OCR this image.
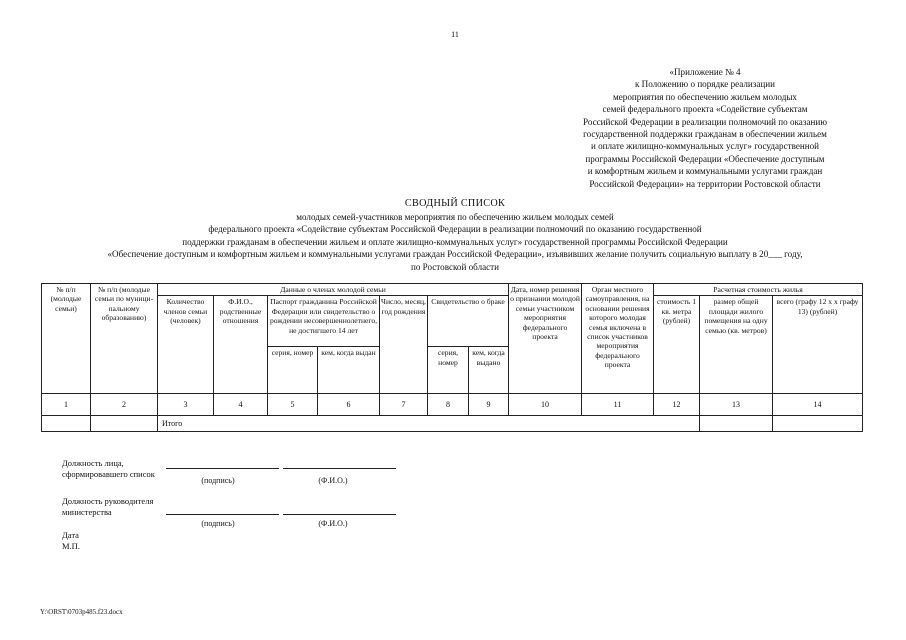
11
«Приложение № 4
к Положению о порядке реализации
мероприятия по обеспечению жильем молодых
семей федерального проекта «Содействие субъектам
Российской Федерации в реализации полномочий по оказанию
государственной поддержки гражданам в обеспечении жильем
и оплате жилищно-коммунальных услуг» государственной
программы Российской Федерации «Обеспечение доступным
и комфортным жильем и коммунальными услугами граждан
Российской Федерации» на территории Ростовской области
СВОДНЫЙ СПИСОК
молодых семей-участников мероприятия по обеспечению жильем молодых семей
федерального проекта «Содействие субъектам Российской Федерации в реализации полномочий по оказанию государственной
поддержки гражданам в обеспечении жильем и оплате жилищно-коммунальных услуг» государственной программы Российской Федерации
«Обеспечение доступным и комфортным жильем и коммунальными услугами граждан Российской Федерации», изъявивших желание получить социальную выплату в 20___ году,
по Ростовской области
№ п/п (молодые семьи)	№ п/п (молодые семьи по муници-пальному образованию)	Данные о членах молодой семьи							Дата, номер решения о признании молодой семьи участником мероприятия федерального проекта	Орган местного самоуправления, на основании решения которого молодая семья включена в список участников мероприятия федерального проекта	Расчетная стоимость жилья		
		Количество членов семьи (человек)	Ф.И.О., родственные отношения	Паспорт гражданина Российской Федерации или свидетельство о рождении несовершеннолетнего, не достигшего 14 лет		Число, месяц, год рождения	Свидетельство о браке				стоимость 1 кв. метра (рублей)	размер общей площади жилого помещения на одну семью (кв. метров)	всего (графу 12 х х графу 13) (рублей)
				серия, номер	кем, когда выдан		серия, номер	кем, когда выдано					
1	2	3	4	5	6	7	8	9	10	11	12	13	14
		Итого											
Должность лица,
сформировавшего список
(подпись)	(Ф.И.О.)
Должность руководителя
министерства
(подпись)	(Ф.И.О.)
Дата
М.П.
Y:\ORST\0703p485.f23.docx
